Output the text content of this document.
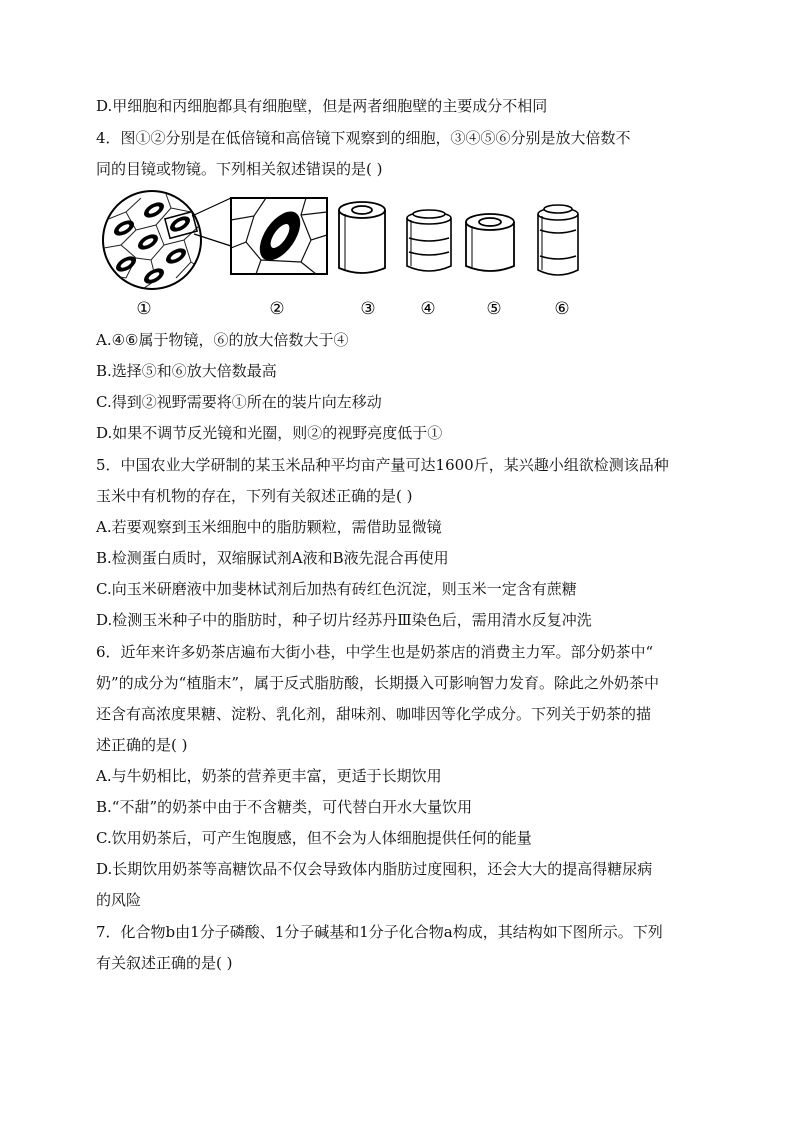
D.甲细胞和丙细胞都具有细胞壁，但是两者细胞壁的主要成分不相同
4．图①②分别是在低倍镜和高倍镜下观察到的细胞，③④⑤⑥分别是放大倍数不
同的目镜或物镜。下列相关叙述错误的是( )
①	②	③	④	⑤	⑥
A.④⑥属于物镜，⑥的放大倍数大于④
B.选择⑤和⑥放大倍数最高
C.得到②视野需要将①所在的装片向左移动
D.如果不调节反光镜和光圈，则②的视野亮度低于①
5．中国农业大学研制的某玉米品种平均亩产量可达1600斤，某兴趣小组欲检测该品种
玉米中有机物的存在，下列有关叙述正确的是( )
A.若要观察到玉米细胞中的脂肪颗粒，需借助显微镜
B.检测蛋白质时，双缩脲试剂A液和B液先混合再使用
C.向玉米研磨液中加斐林试剂后加热有砖红色沉淀，则玉米一定含有蔗糖
D.检测玉米种子中的脂肪时，种子切片经苏丹Ⅲ染色后，需用清水反复冲洗
6．近年来许多奶茶店遍布大街小巷，中学生也是奶茶店的消费主力军。部分奶茶中“
奶”的成分为“植脂末”，属于反式脂肪酸，长期摄入可影响智力发育。除此之外奶茶中
还含有高浓度果糖、淀粉、乳化剂，甜味剂、咖啡因等化学成分。下列关于奶茶的描
述正确的是( )
A.与牛奶相比，奶茶的营养更丰富，更适于长期饮用
B.“不甜”的奶茶中由于不含糖类，可代替白开水大量饮用
C.饮用奶茶后，可产生饱腹感，但不会为人体细胞提供任何的能量
D.长期饮用奶茶等高糖饮品不仅会导致体内脂肪过度囤积，还会大大的提高得糖尿病
的风险
7．化合物b由1分子磷酸、1分子碱基和1分子化合物a构成，其结构如下图所示。下列
有关叙述正确的是( )
